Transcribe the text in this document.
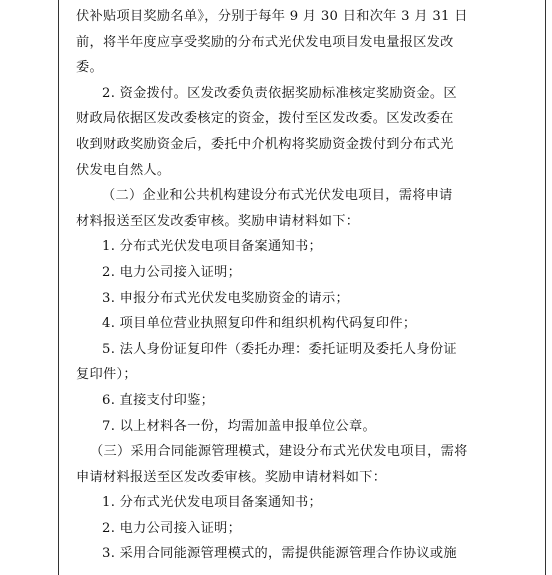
伏补贴项目奖励名单》，分别于每年 9 月 30 日和次年 3 月 31 日
前，将半年度应享受奖励的分布式光伏发电项目发电量报区发改
委。
2. 资金拨付。区发改委负责依据奖励标准核定奖励资金。区
财政局依据区发改委核定的资金，拨付至区发改委。区发改委在
收到财政奖励资金后，委托中介机构将奖励资金拨付到分布式光
伏发电自然人。
（二）企业和公共机构建设分布式光伏发电项目，需将申请
材料报送至区发改委审核。奖励申请材料如下：
1. 分布式光伏发电项目备案通知书；
2. 电力公司接入证明；
3. 申报分布式光伏发电奖励资金的请示；
4. 项目单位营业执照复印件和组织机构代码复印件；
5. 法人身份证复印件（委托办理：委托证明及委托人身份证
复印件）；
6. 直接支付印鉴；
7. 以上材料各一份，均需加盖申报单位公章。
（三）采用合同能源管理模式，建设分布式光伏发电项目，需将
申请材料报送至区发改委审核。奖励申请材料如下：
1. 分布式光伏发电项目备案通知书；
2. 电力公司接入证明；
3. 采用合同能源管理模式的，需提供能源管理合作协议或施
